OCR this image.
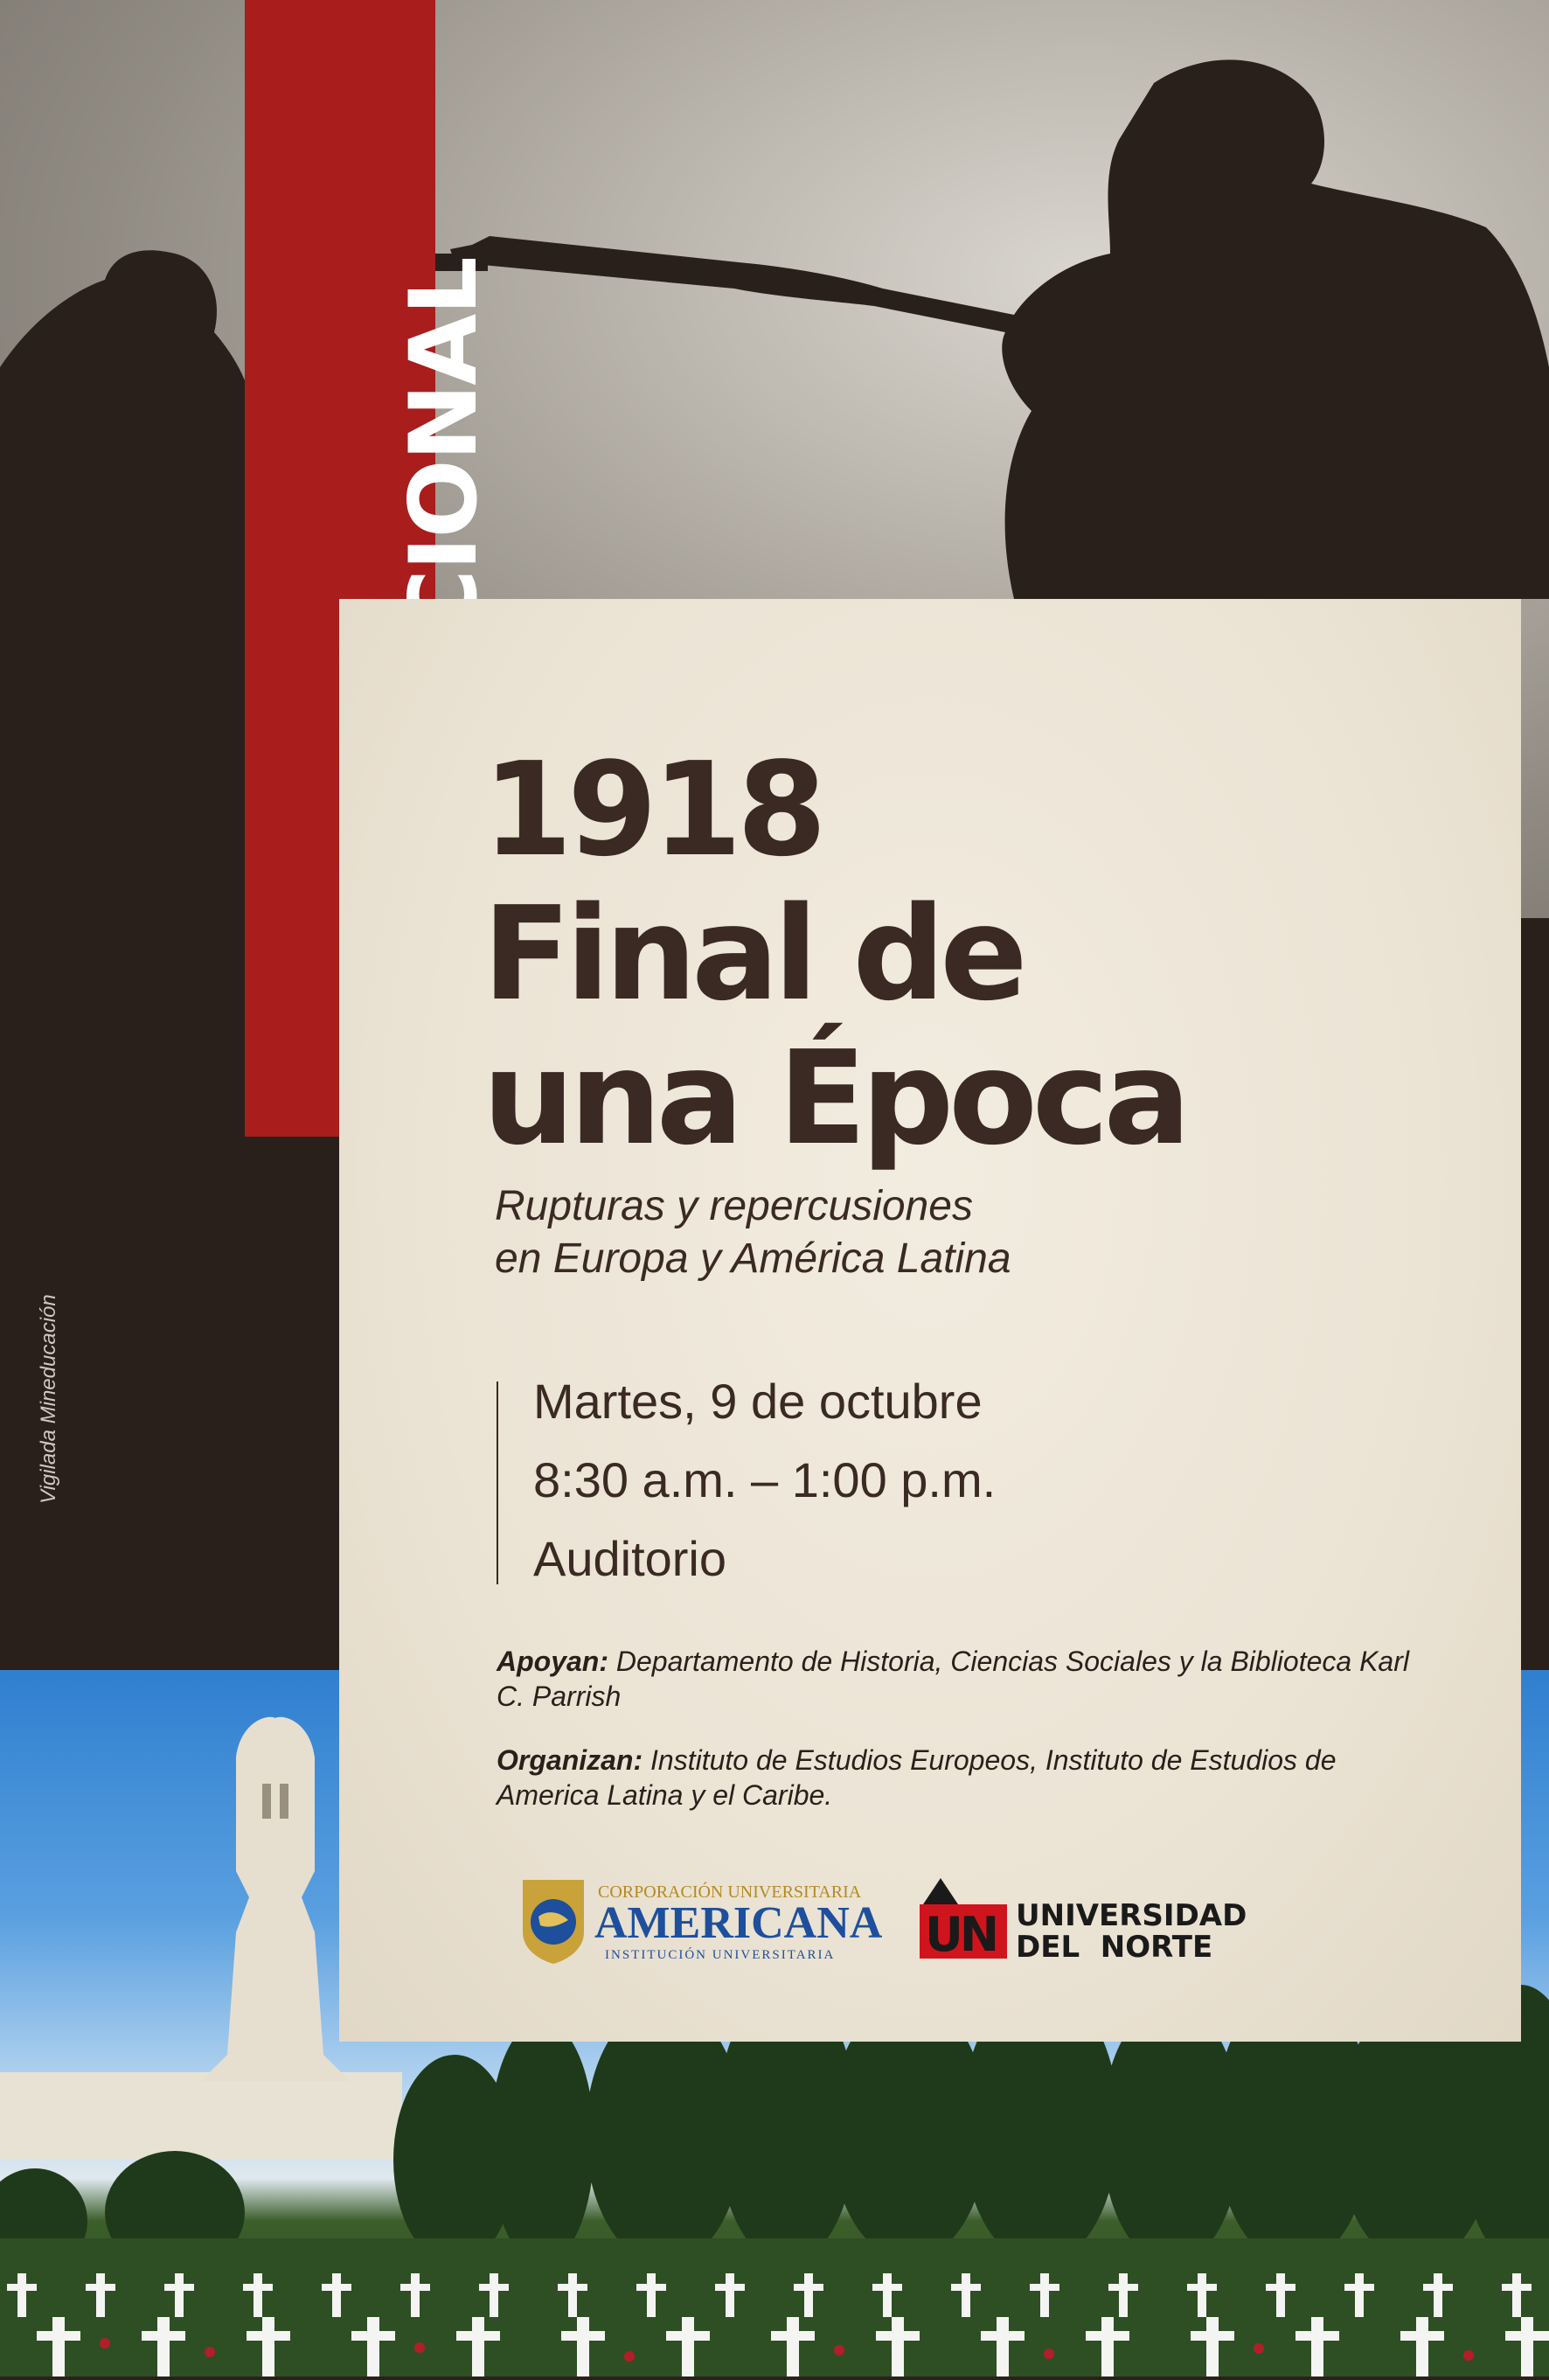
1918
Final de
una Época
Rupturas y repercusiones
en Europa y América Latina
Martes, 9 de octubre
8:30 a.m. – 1:00 p.m.
Auditorio
Apoyan: Departamento de Historia, Ciencias Sociales y la Biblioteca Karl C. Parrish
Organizan: Instituto de Estudios Europeos, Instituto de Estudios de America Latina y el Caribe.
CORPORACIÓN UNIVERSITARIA
AMERICANA
INSTITUCIÓN UNIVERSITARIA UN UNIVERSIDAD
DEL  NORTE
Vigilada Mineducación
